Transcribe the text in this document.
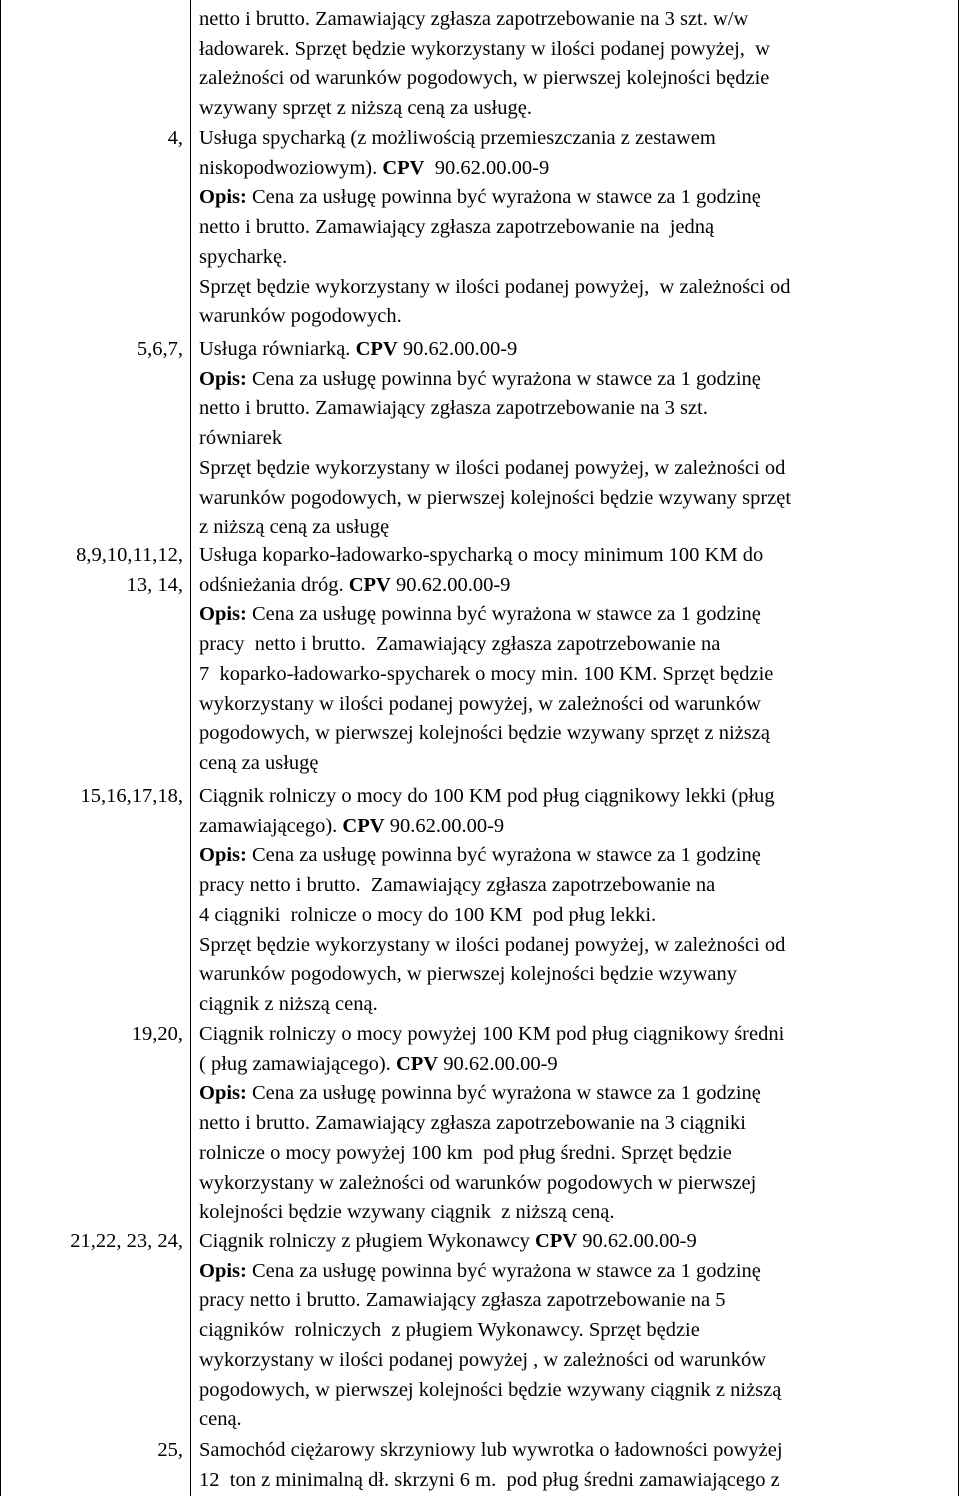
netto i brutto. Zamawiający zgłasza zapotrzebowanie na 3 szt. w/w
ładowarek. Sprzęt będzie wykorzystany w ilości podanej powyżej,  w
zależności od warunków pogodowych, w pierwszej kolejności będzie
wzywany sprzęt z niższą ceną za usługę.
4, Usługa spycharką (z możliwością przemieszczania z zestawem
niskopodwoziowym). CPV  90.62.00.00-9
Opis: Cena za usługę powinna być wyrażona w stawce za 1 godzinę
netto i brutto. Zamawiający zgłasza zapotrzebowanie na  jedną
spycharkę.
Sprzęt będzie wykorzystany w ilości podanej powyżej,  w zależności od
warunków pogodowych.
5,6,7, Usługa równiarką. CPV 90.62.00.00-9
Opis: Cena za usługę powinna być wyrażona w stawce za 1 godzinę
netto i brutto. Zamawiający zgłasza zapotrzebowanie na 3 szt.
równiarek
Sprzęt będzie wykorzystany w ilości podanej powyżej, w zależności od
warunków pogodowych, w pierwszej kolejności będzie wzywany sprzęt
z niższą ceną za usługę
8,9,10,11,12,
13, 14,
Usługa koparko-ładowarko-spycharką o mocy minimum 100 KM do
odśnieżania dróg. CPV 90.62.00.00-9
Opis: Cena za usługę powinna być wyrażona w stawce za 1 godzinę
pracy  netto i brutto.  Zamawiający zgłasza zapotrzebowanie na
7  koparko-ładowarko-spycharek o mocy min. 100 KM. Sprzęt będzie
wykorzystany w ilości podanej powyżej, w zależności od warunków
pogodowych, w pierwszej kolejności będzie wzywany sprzęt z niższą
ceną za usługę
15,16,17,18, Ciągnik rolniczy o mocy do 100 KM pod pług ciągnikowy lekki (pług
zamawiającego). CPV 90.62.00.00-9
Opis: Cena za usługę powinna być wyrażona w stawce za 1 godzinę
pracy netto i brutto.  Zamawiający zgłasza zapotrzebowanie na
4 ciągniki  rolnicze o mocy do 100 KM  pod pług lekki.
Sprzęt będzie wykorzystany w ilości podanej powyżej, w zależności od
warunków pogodowych, w pierwszej kolejności będzie wzywany
ciągnik z niższą ceną.
19,20, Ciągnik rolniczy o mocy powyżej 100 KM pod pług ciągnikowy średni
( pług zamawiającego). CPV 90.62.00.00-9
Opis: Cena za usługę powinna być wyrażona w stawce za 1 godzinę
netto i brutto. Zamawiający zgłasza zapotrzebowanie na 3 ciągniki
rolnicze o mocy powyżej 100 km  pod pług średni. Sprzęt będzie
wykorzystany w zależności od warunków pogodowych w pierwszej
kolejności będzie wzywany ciągnik  z niższą ceną.
21,22, 23, 24, Ciągnik rolniczy z pługiem Wykonawcy CPV 90.62.00.00-9
Opis: Cena za usługę powinna być wyrażona w stawce za 1 godzinę
pracy netto i brutto. Zamawiający zgłasza zapotrzebowanie na 5
ciągników  rolniczych  z pługiem Wykonawcy. Sprzęt będzie
wykorzystany w ilości podanej powyżej , w zależności od warunków
pogodowych, w pierwszej kolejności będzie wzywany ciągnik z niższą
ceną.
25, Samochód ciężarowy skrzyniowy lub wywrotka o ładowności powyżej
12  ton z minimalną dł. skrzyni 6 m.  pod pług średni zamawiającego z
